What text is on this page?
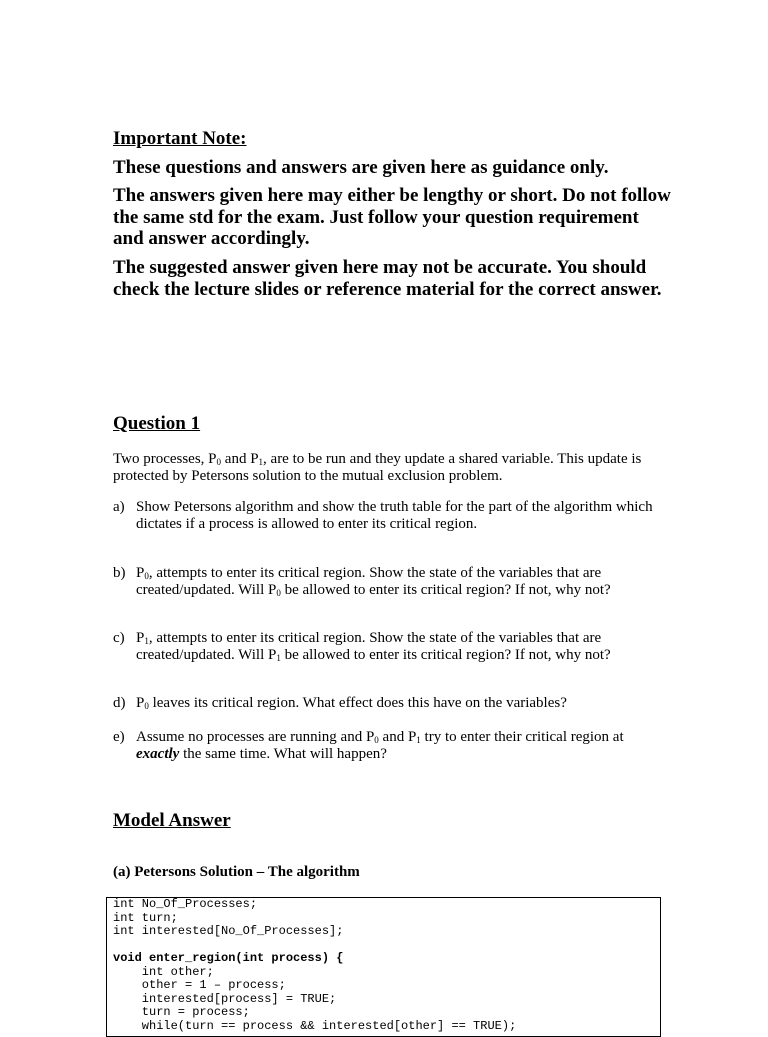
Important Note:
These questions and answers are given here as guidance only.
The answers given here may either be lengthy or short. Do not follow the same std for the exam. Just follow your question requirement and answer accordingly.
The suggested answer given here may not be accurate. You should check the lecture slides or reference material for the correct answer.
Question 1
Two processes, $P_0$ and $P_1$, are to be run and they update a shared variable. This update is protected by Petersons solution to the mutual exclusion problem.
a) Show Petersons algorithm and show the truth table for the part of the algorithm which dictates if a process is allowed to enter its critical region.
b) $P_0$, attempts to enter its critical region. Show the state of the variables that are created/updated. Will $P_0$ be allowed to enter its critical region? If not, why not?
c) $P_1$, attempts to enter its critical region. Show the state of the variables that are created/updated. Will $P_1$ be allowed to enter its critical region? If not, why not?
d) $P_0$ leaves its critical region. What effect does this have on the variables?
e) Assume no processes are running and $P_0$ and $P_1$ try to enter their critical region at exactly the same time. What will happen?
Model Answer
(a) Petersons Solution – The algorithm
int No_Of_Processes;
int turn;
int interested[No_Of_Processes];
void enter_region(int process) {
int other;
other = 1 – process;
interested[process] = TRUE;
turn = process;
while(turn == process && interested[other] == TRUE);
